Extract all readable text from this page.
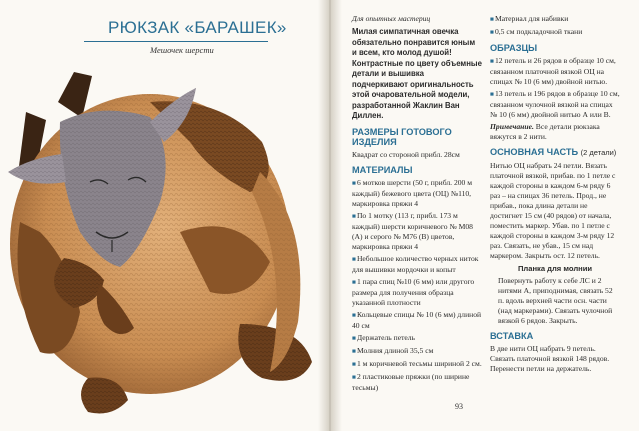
РЮКЗАК «БАРАШЕК»
Мешочек шерсти

Для опытных мастериц

Милая симпатичная овечка обязательно понравится юным и всем, кто молод душой! Контрастные по цвету объемные детали и вышивка подчеркивают оригинальность этой очаровательной модели, разработанной Жаклин Ван Диллен.

РАЗМЕРЫ ГОТОВОГО ИЗДЕЛИЯ

Квадрат со стороной прибл. 28см

МАТЕРИАЛЫ

■ 6 мотков шерсти (50 г, прибл. 200 м каждый) бежевого цвета (ОЦ) №110, маркировка пряжи 4

■ По 1 мотку (113 г, прибл. 173 м каждый) шерсти коричневого № М08 (А) и серого № М76 (В) цветов, маркировка пряжи 4

■ Небольшое количество черных ниток для вышивки мордочки и копыт

■ 1 пара спиц №10 (6 мм) или другого размера для получения образца указанной плотности

■ Кольцевые спицы № 10 (6 мм) длиной 40 см

■ Держатель петель

■ Молния длиной 35,5 см

■ 1 м коричневой тесьмы шириной 2 см.

■ 2 пластиковые пряжки (по ширине тесьмы)

■ Материал для набивки

■ 0,5 см подкладочной ткани

ОБРАЗЦЫ

■ 12 петель и 26 рядов в образце 10 см, связанном платочной вязкой ОЦ на спицах № 10 (6 мм) двойной нитью.

■ 13 петель и 196 рядов в образце 10 см, связанном чулочной вязкой на спицах № 10 (6 мм) двойной нитью А или В.

Примечание. Все детали рюкзака вяжутся в 2 нити.

ОСНОВНАЯ ЧАСТЬ (2 детали)

Нитью ОЦ набрать 24 петли. Вязать платочной вязкой, прибав. по 1 петле с каждой стороны в каждом 6-м ряду 6 раз – на спицах 36 петель. Прод., не прибав., пока длина детали не достигнет 15 см (40 рядов) от начала, поместить маркер. Убав. по 1 петле с каждой стороны в каждом 3-м ряду 12 раз. Связать, не убав., 15 см над маркером. Закрыть ост. 12 петель.

Планка для молнии

Повернуть работу к себе ЛС и 2 нитями А, приподнимая, связать 52 п. вдоль верхней части осн. части (над маркерами). Связать чулочной вязкой 6 рядов. Закрыть.

ВСТАВКА

В две нити ОЦ набрать 9 петель. Связать платочной вязкой 148 рядов. Перенести петли на держатель.

93
